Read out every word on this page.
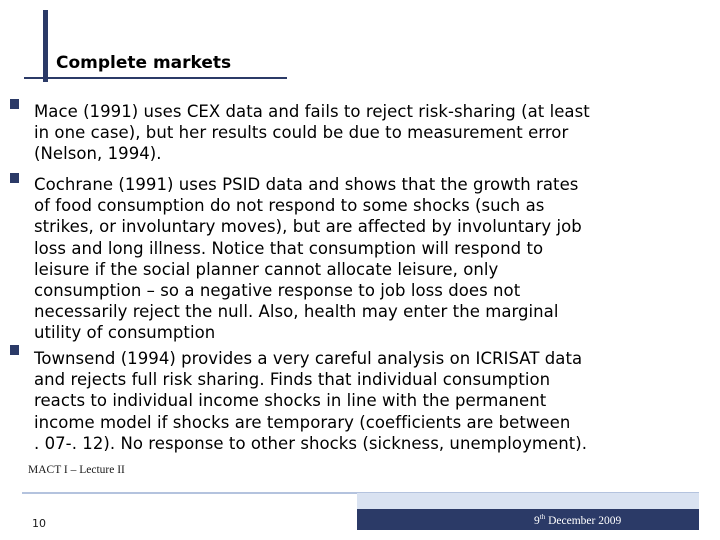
Complete markets
Mace (1991) uses CEX data and fails to reject risk-sharing (at least
in one case), but her results could be due to measurement error
(Nelson, 1994).
Cochrane (1991) uses PSID data and shows that the growth rates
of food consumption do not respond to some shocks (such as
strikes, or involuntary moves), but are affected by involuntary job
loss and long illness. Notice that consumption will respond to
leisure if the social planner cannot allocate leisure, only
consumption – so a negative response to job loss does not
necessarily reject the null. Also, health may enter the marginal
utility of consumption
Townsend (1994) provides a very careful analysis on ICRISAT data
and rejects full risk sharing. Finds that individual consumption
reacts to individual income shocks in line with the permanent
income model if shocks are temporary (coefficients are between
. 07-. 12). No response to other shocks (sickness, unemployment).
MACT I – Lecture II
9th December 2009
10
